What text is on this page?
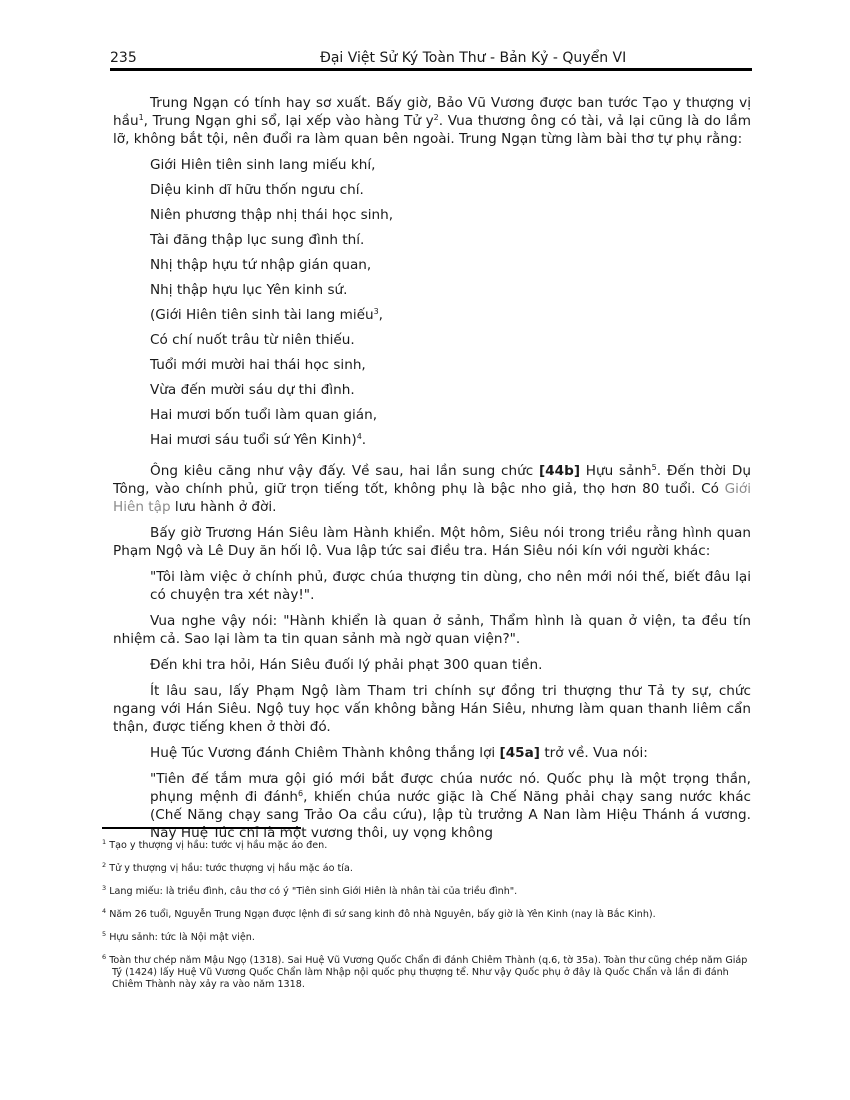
235	Đại Việt Sử Ký Toàn Thư - Bản Kỷ - Quyển VI

Trung Ngạn có tính hay sơ xuất. Bấy giờ, Bảo Vũ Vương được ban tước Tạo y thượng vị hầu$^1$, Trung Ngạn ghi sổ, lại xếp vào hàng Tử $y^2$. Vua thương ông có tài, vả lại cũng là do lầm lỡ, không bắt tội, nên đuổi ra làm quan bên ngoài. Trung Ngạn từng làm bài thơ tự phụ rằng:

Giới Hiên tiên sinh lang miếu khí,

Diệu kinh dĩ hữu thốn ngưu chí.

Niên phương thập nhị thái học sinh,

Tài đăng thập lục sung đình thí.

Nhị thập hựu tứ nhập gián quan,

Nhị thập hựu lục Yên kinh sứ.

(Giới Hiên tiên sinh tài lang miếu$^3$,

Có chí nuốt trâu từ niên thiếu.

Tuổi mới mười hai thái học sinh,

Vừa đến mười sáu dự thi đình.

Hai mươi bốn tuổi làm quan gián,

Hai mươi sáu tuổi sứ Yên Kinh)$^4$.

Ông kiêu căng như vậy đấy. Về sau, hai lần sung chức [44b] Hựu sảnh$^5$. Đến thời Dụ Tông, vào chính phủ, giữ trọn tiếng tốt, không phụ là bậc nho giả, thọ hơn 80 tuổi. Có Giới Hiên tập lưu hành ở đời.

Bấy giờ Trương Hán Siêu làm Hành khiển. Một hôm, Siêu nói trong triều rằng hình quan Phạm Ngộ và Lê Duy ăn hối lộ. Vua lập tức sai điều tra. Hán Siêu nói kín với người khác:

"Tôi làm việc ở chính phủ, được chúa thượng tin dùng, cho nên mới nói thế, biết đâu lại có chuyện tra xét này!".

Vua nghe vậy nói: "Hành khiển là quan ở sảnh, Thẩm hình là quan ở viện, ta đều tín nhiệm cả. Sao lại làm ta tin quan sảnh mà ngờ quan viện?".

Đến khi tra hỏi, Hán Siêu đuối lý phải phạt 300 quan tiền.

Ít lâu sau, lấy Phạm Ngộ làm Tham tri chính sự đồng tri thượng thư Tả ty sự, chức ngang với Hán Siêu. Ngộ tuy học vấn không bằng Hán Siêu, nhưng làm quan thanh liêm cẩn thận, được tiếng khen ở thời đó.

Huệ Túc Vương đánh Chiêm Thành không thắng lợi [45a] trở về. Vua nói:

"Tiên đế tắm mưa gội gió mới bắt được chúa nước nó. Quốc phụ là một trọng thần, phụng mệnh đi đánh$^6$, khiến chúa nước giặc là Chế Năng phải chạy sang nước khác (Chế Năng chạy sang Trảo Oa cầu cứu), lập tù trưởng A Nan làm Hiệu Thánh á vương. Nay Huệ Túc chỉ là một vương thôi, uy vọng không

$^1$ Tạo y thượng vị hầu: tước vị hầu mặc áo đen.

$^2$ Tử y thượng vị hầu: tước thượng vị hầu mặc áo tía.

$^3$ Lang miếu: là triều đình, câu thơ có ý "Tiên sinh Giới Hiên là nhân tài của triều đình".

$^4$ Năm 26 tuổi, Nguyễn Trung Ngạn được lệnh đi sứ sang kinh đô nhà Nguyên, bấy giờ là Yên Kinh (nay là Bắc Kinh).

$^5$ Hựu sảnh: tức là Nội mật viện.

$^6$ Toàn thư chép năm Mậu Ngọ (1318). Sai Huệ Vũ Vương Quốc Chẩn đi đánh Chiêm Thành (q.6, tờ 35a). Toàn thư cũng chép năm Giáp Tý (1424) lấy Huệ Vũ Vương Quốc Chẩn làm Nhập nội quốc phụ thượng tể. Như vậy Quốc phụ ở đây là Quốc Chẩn và lần đi đánh Chiêm Thành này xảy ra vào năm 1318.
